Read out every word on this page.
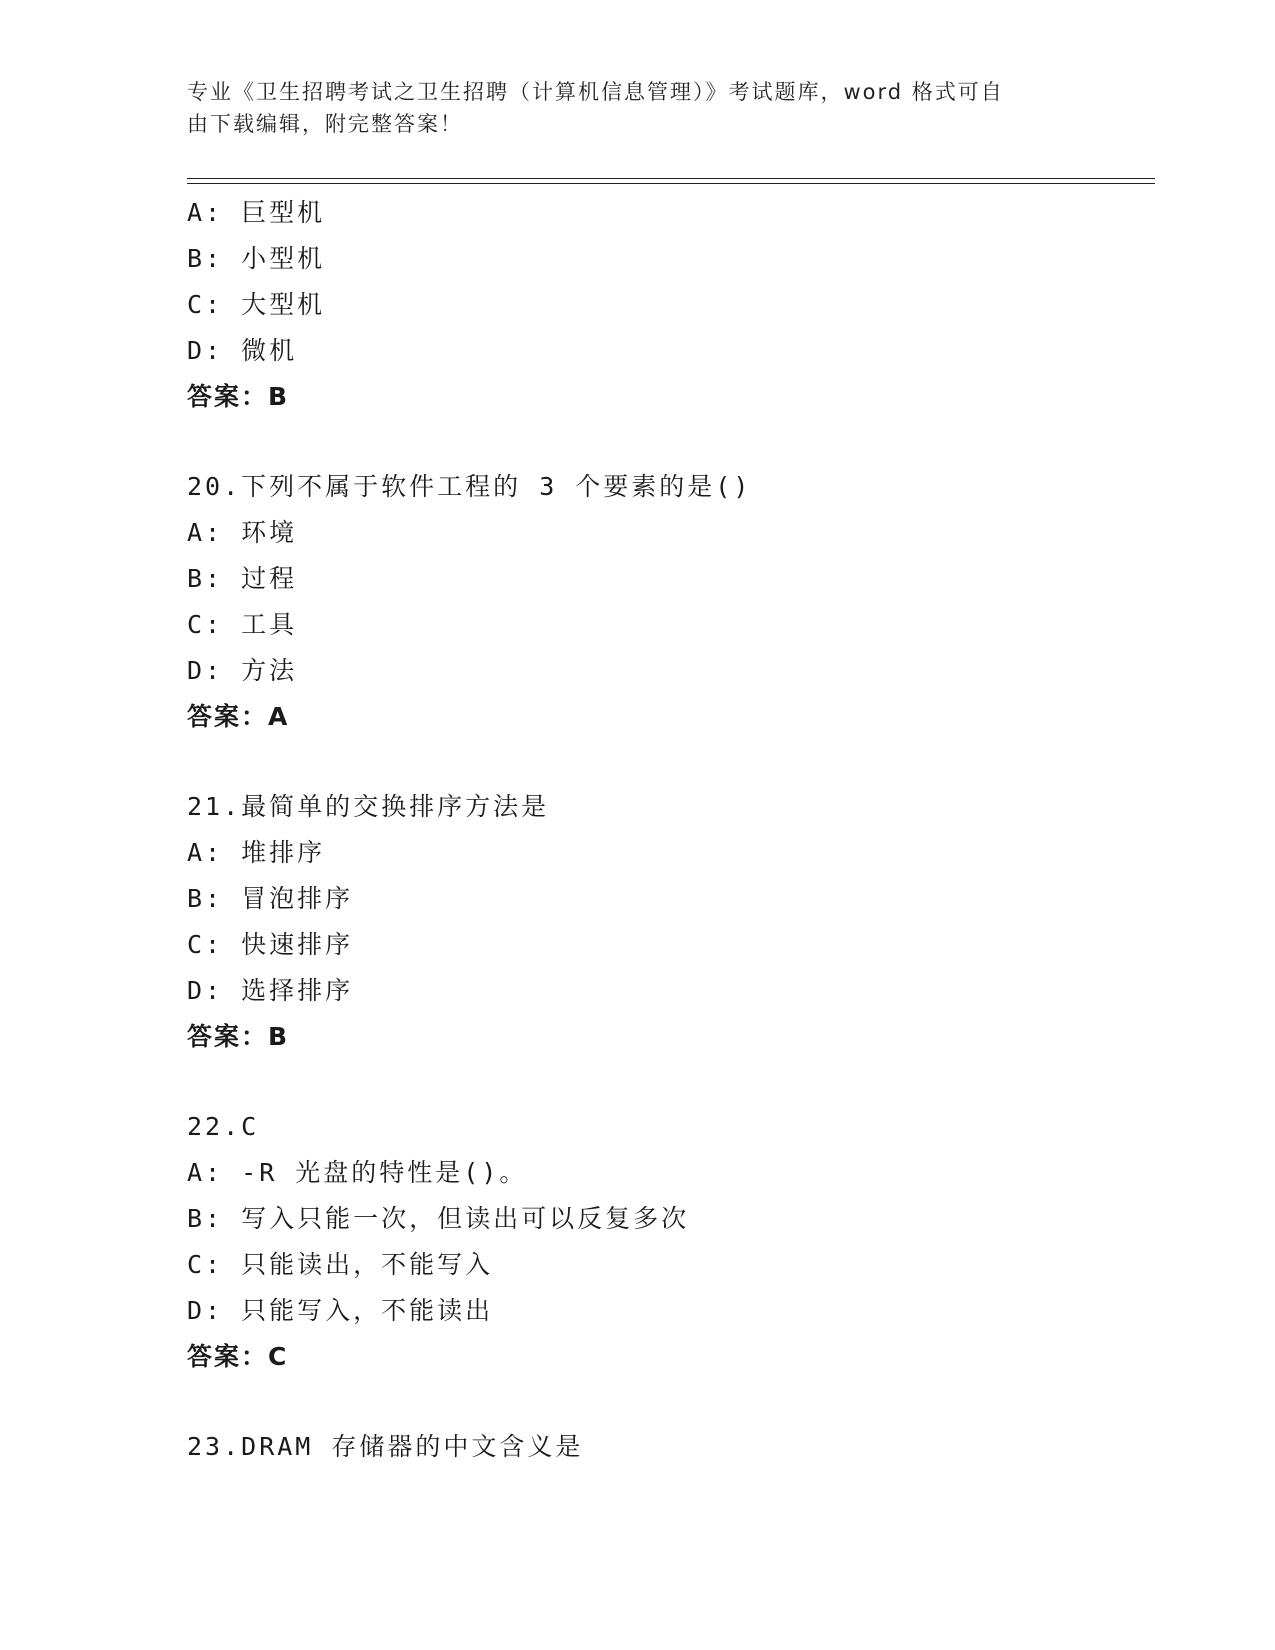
专业《卫生招聘考试之卫生招聘（计算机信息管理）》考试题库，word 格式可自
由下载编辑，附完整答案！
A: 巨型机
B: 小型机
C: 大型机
D: 微机
答案：B
20.下列不属于软件工程的 3 个要素的是()
A: 环境
B: 过程
C: 工具
D: 方法
答案：A
21.最简单的交换排序方法是
A: 堆排序
B: 冒泡排序
C: 快速排序
D: 选择排序
答案：B
22.C
A: -R 光盘的特性是()。
B: 写入只能一次，但读出可以反复多次
C: 只能读出，不能写入
D: 只能写入，不能读出
答案：C
23.DRAM 存储器的中文含义是
